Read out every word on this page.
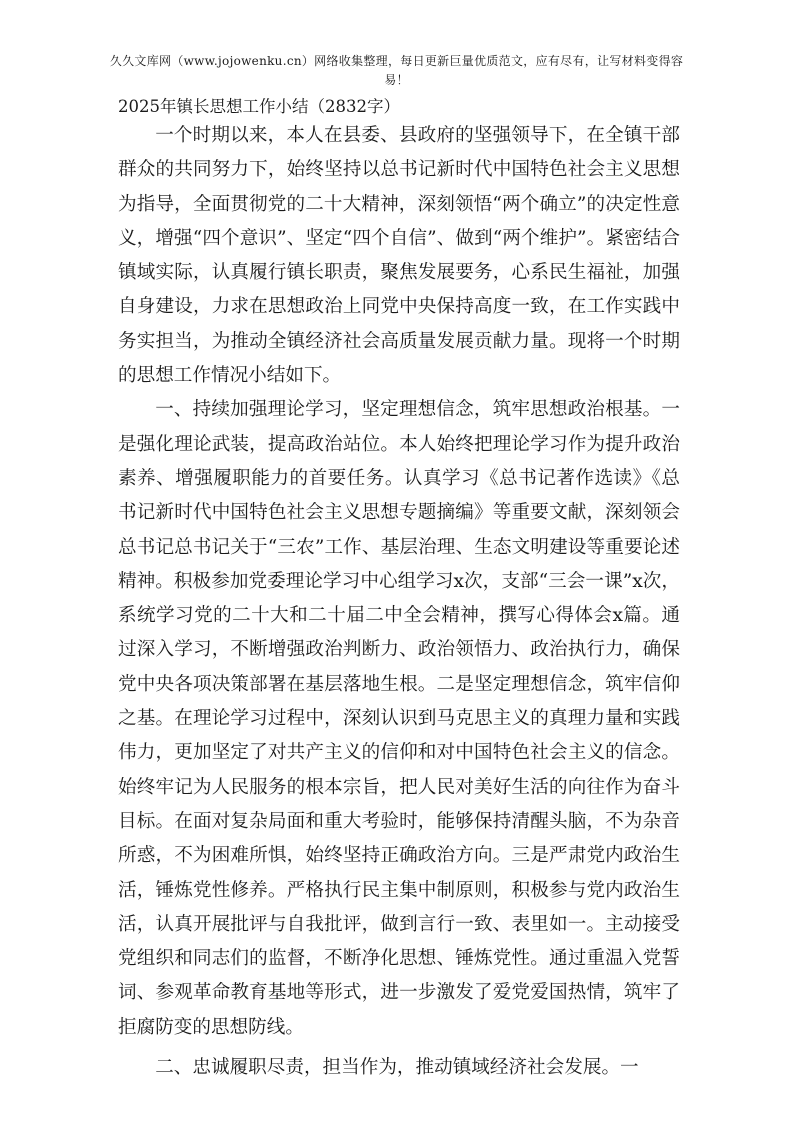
久久文库网（www.jojowenku.cn）网络收集整理，每日更新巨量优质范文，应有尽有，让写材料变得容易！
2025年镇长思想工作小结（2832字）

一个时期以来，本人在县委、县政府的坚强领导下，在全镇干部群众的共同努力下，始终坚持以总书记新时代中国特色社会主义思想为指导，全面贯彻党的二十大精神，深刻领悟“两个确立”的决定性意义，增强“四个意识”、坚定“四个自信”、做到“两个维护”。紧密结合镇域实际，认真履行镇长职责，聚焦发展要务，心系民生福祉，加强自身建设，力求在思想政治上同党中央保持高度一致，在工作实践中务实担当，为推动全镇经济社会高质量发展贡献力量。现将一个时期的思想工作情况小结如下。

一、持续加强理论学习，坚定理想信念，筑牢思想政治根基。一是强化理论武装，提高政治站位。本人始终把理论学习作为提升政治素养、增强履职能力的首要任务。认真学习《总书记著作选读》《总书记新时代中国特色社会主义思想专题摘编》等重要文献，深刻领会总书记总书记关于“三农”工作、基层治理、生态文明建设等重要论述精神。积极参加党委理论学习中心组学习x次，支部“三会一课”x次，系统学习党的二十大和二十届二中全会精神，撰写心得体会x篇。通过深入学习，不断增强政治判断力、政治领悟力、政治执行力，确保党中央各项决策部署在基层落地生根。二是坚定理想信念，筑牢信仰之基。在理论学习过程中，深刻认识到马克思主义的真理力量和实践伟力，更加坚定了对共产主义的信仰和对中国特色社会主义的信念。始终牢记为人民服务的根本宗旨，把人民对美好生活的向往作为奋斗目标。在面对复杂局面和重大考验时，能够保持清醒头脑，不为杂音所惑，不为困难所惧，始终坚持正确政治方向。三是严肃党内政治生活，锤炼党性修养。严格执行民主集中制原则，积极参与党内政治生活，认真开展批评与自我批评，做到言行一致、表里如一。主动接受党组织和同志们的监督，不断净化思想、锤炼党性。通过重温入党誓词、参观革命教育基地等形式，进一步激发了爱党爱国热情，筑牢了拒腐防变的思想防线。

二、忠诚履职尽责，担当作为，推动镇域经济社会发展。一
